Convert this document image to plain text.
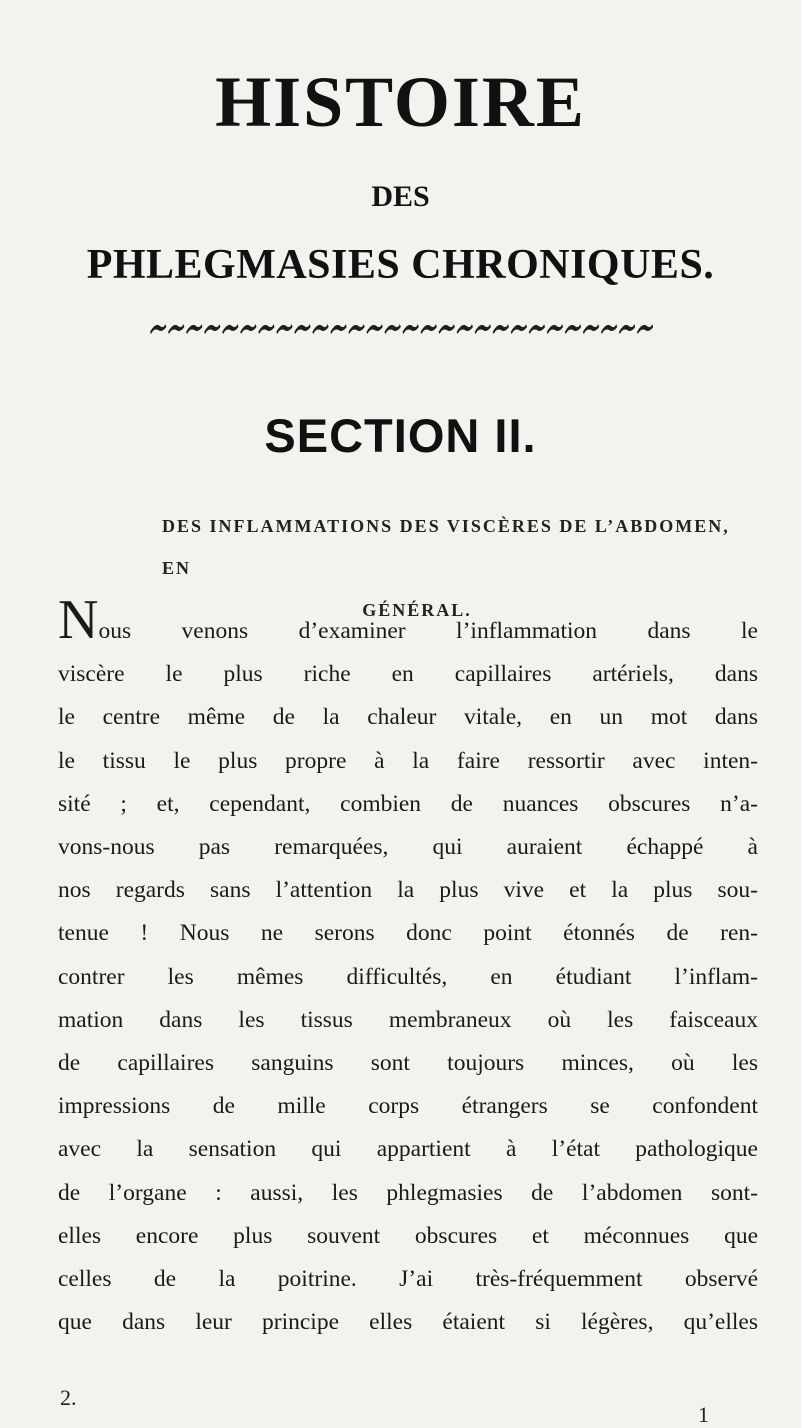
HISTOIRE
DES
PHLEGMASIES CHRONIQUES.
SECTION II.
DES INFLAMMATIONS DES VISCÈRES DE L’ABDOMEN, EN
GÉNÉRAL.
Nous venons d’examiner l’inflammation dans le
viscère le plus riche en capillaires artériels, dans
le centre même de la chaleur vitale, en un mot dans
le tissu le plus propre à la faire ressortir avec inten-
sité ; et, cependant, combien de nuances obscures n’a-
vons-nous pas remarquées, qui auraient échappé à
nos regards sans l’attention la plus vive et la plus sou-
tenue ! Nous ne serons donc point étonnés de ren-
contrer les mêmes difficultés, en étudiant l’inflam-
mation dans les tissus membraneux où les faisceaux
de capillaires sanguins sont toujours minces, où les
impressions de mille corps étrangers se confondent
avec la sensation qui appartient à l’état pathologique
de l’organe : aussi, les phlegmasies de l’abdomen sont-
elles encore plus souvent obscures et méconnues que
celles de la poitrine. J’ai très-fréquemment observé
que dans leur principe elles étaient si légères, qu’elles
2.
1
